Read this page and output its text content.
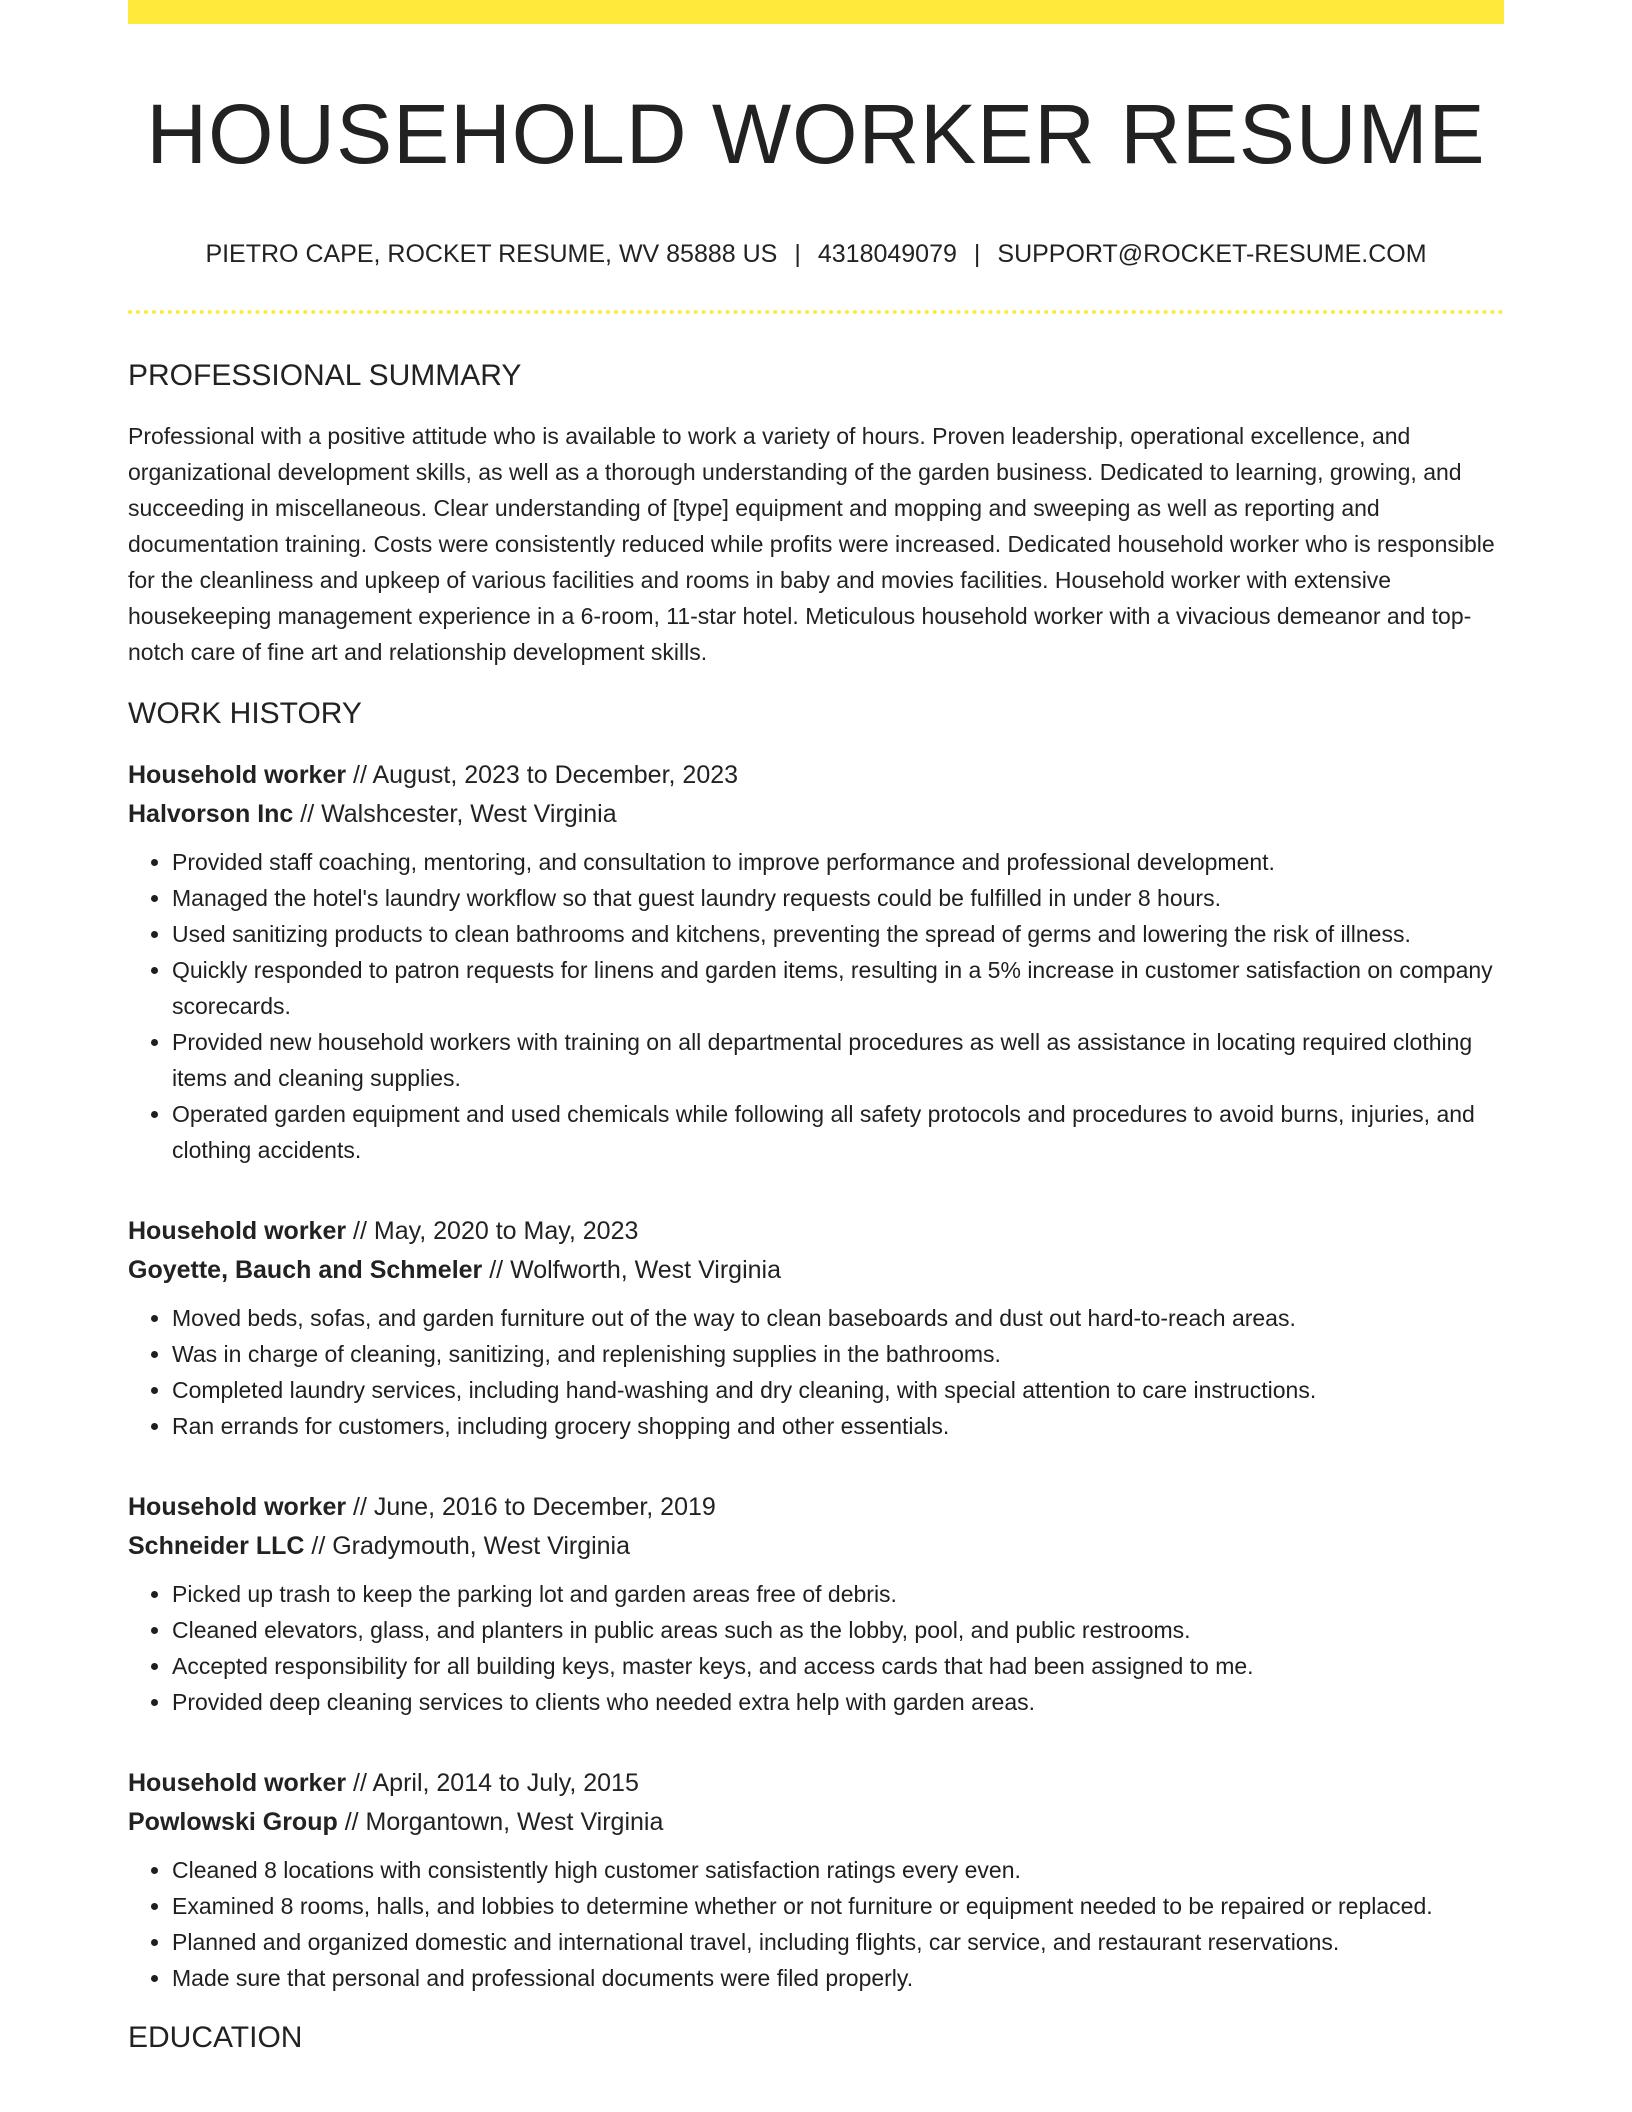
HOUSEHOLD WORKER RESUME
PIETRO CAPE, ROCKET RESUME, WV 85888 US | 4318049079 | SUPPORT@ROCKET-RESUME.COM
PROFESSIONAL SUMMARY

Professional with a positive attitude who is available to work a variety of hours. Proven leadership, operational excellence, and organizational development skills, as well as a thorough understanding of the garden business. Dedicated to learning, growing, and succeeding in miscellaneous. Clear understanding of [type] equipment and mopping and sweeping as well as reporting and documentation training. Costs were consistently reduced while profits were increased. Dedicated household worker who is responsible for the cleanliness and upkeep of various facilities and rooms in baby and movies facilities. Household worker with extensive housekeeping management experience in a 6-room, 11-star hotel. Meticulous household worker with a vivacious demeanor and top-notch care of fine art and relationship development skills.

WORK HISTORY
Household worker // August, 2023 to December, 2023
Halvorson Inc // Walshcester, West Virginia
• Provided staff coaching, mentoring, and consultation to improve performance and professional development.
• Managed the hotel's laundry workflow so that guest laundry requests could be fulfilled in under 8 hours.
• Used sanitizing products to clean bathrooms and kitchens, preventing the spread of germs and lowering the risk of illness.
• Quickly responded to patron requests for linens and garden items, resulting in a 5% increase in customer satisfaction on company scorecards.
• Provided new household workers with training on all departmental procedures as well as assistance in locating required clothing items and cleaning supplies.
• Operated garden equipment and used chemicals while following all safety protocols and procedures to avoid burns, injuries, and clothing accidents.
Household worker // May, 2020 to May, 2023
Goyette, Bauch and Schmeler // Wolfworth, West Virginia
• Moved beds, sofas, and garden furniture out of the way to clean baseboards and dust out hard-to-reach areas.
• Was in charge of cleaning, sanitizing, and replenishing supplies in the bathrooms.
• Completed laundry services, including hand-washing and dry cleaning, with special attention to care instructions.
• Ran errands for customers, including grocery shopping and other essentials.
Household worker // June, 2016 to December, 2019
Schneider LLC // Gradymouth, West Virginia
• Picked up trash to keep the parking lot and garden areas free of debris.
• Cleaned elevators, glass, and planters in public areas such as the lobby, pool, and public restrooms.
• Accepted responsibility for all building keys, master keys, and access cards that had been assigned to me.
• Provided deep cleaning services to clients who needed extra help with garden areas.
Household worker // April, 2014 to July, 2015
Powlowski Group // Morgantown, West Virginia
• Cleaned 8 locations with consistently high customer satisfaction ratings every even.
• Examined 8 rooms, halls, and lobbies to determine whether or not furniture or equipment needed to be repaired or replaced.
• Planned and organized domestic and international travel, including flights, car service, and restaurant reservations.
• Made sure that personal and professional documents were filed properly.
EDUCATION
